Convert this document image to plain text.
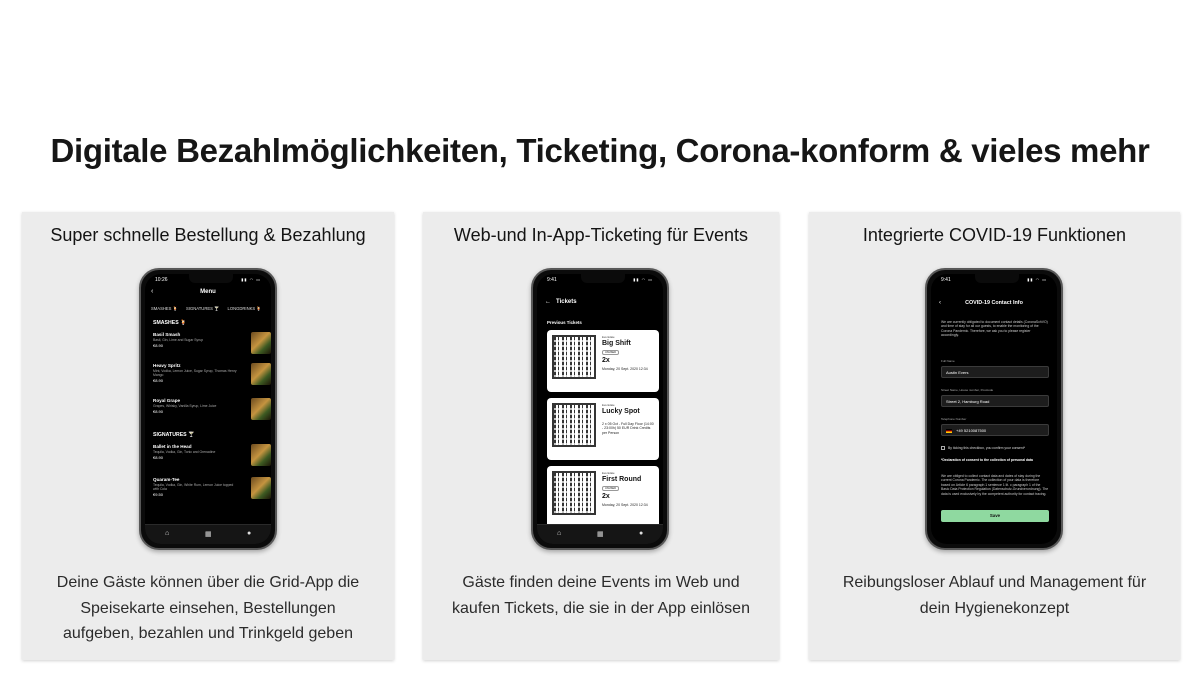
Digitale Bezahlmöglichkeiten, Ticketing, Corona-konform & vieles mehr
Super schnelle Bestellung & Bezahlung
10:26	▮▮ ◠ ▭
‹	Menu
SMASHES 🍹 SIGNATURES 🍸 LONGDRINKS 🍹
SMASHES 🍹
Basil Smash
Basil, Gin, Lime and Sugar Syrup
€8.90
Heavy Spritz
Mint, Vodka, Lemon Juice, Sugar Syrup, Thomas Henry Mango
€8.90
Royal Grape
Grapes, Whisky, Vanilla Syrup, Lime Juice
€8.90
SIGNATURES 🍸
Ballet in the Head
Tequila, Vodka, Gin, Tonic and Grenadine
€8.90
Quaram-Tee
Tequila, Vodka, Gin, White Rum, Lemon Juice topped with Cola
€9.50
⌂	▦	●
Deine Gäste können über die Grid-App die
Speisekarte einsehen, Bestellungen
aufgeben, bezahlen und Trinkgeld geben
Web-und In-App-Ticketing für Events
9:41	▮▮ ◠ ▭
← Tickets
Previous Tickets
Eventdate
Big Shift
UNUSED
2x
Monday, 20 Sept. 2020 12:34
Eventdate
Lucky Spot
2 x 05 Oct - Full Day Floor (14:00 - 23:00h) 50 EUR Drink Credits per Person
Eventdate
First Round
UNUSED
2x
Monday, 20 Sept. 2020 12:34
⌂	▦	●
Gäste finden deine Events im Web und
kaufen Tickets, die sie in der App einlösen
Integrierte COVID-19 Funktionen
9:41	▮▮ ◠ ▭
‹	COVID-19 Contact Info
We are currently obligated to document contact details (CoronaSchVO) and time of stay for all our guests, to enable the monitoring of the Corona Pandemic. Therefore, we ask you to please register accordingly.
Full Name
Austin Evers
Street Name, House number, Postcode
Street 2, Hamburg Road
Telephone Number
+49 5210087500
By ticking this checkbox, you confirm your consent*
*Declaration of consent to the collection of personal data
We are obliged to collect contact data and dates of stay during the current Corona Pandemic. The collection of your data is therefore based on Article 6 paragraph 1 sentence 1 lit. c paragraph 1 of the Basic Data Protection Regulation (Datenschutz-Grundverordnung). The data is used exclusively by the competent authority for contact tracing.
Save
Reibungsloser Ablauf und Management für
dein Hygienekonzept
